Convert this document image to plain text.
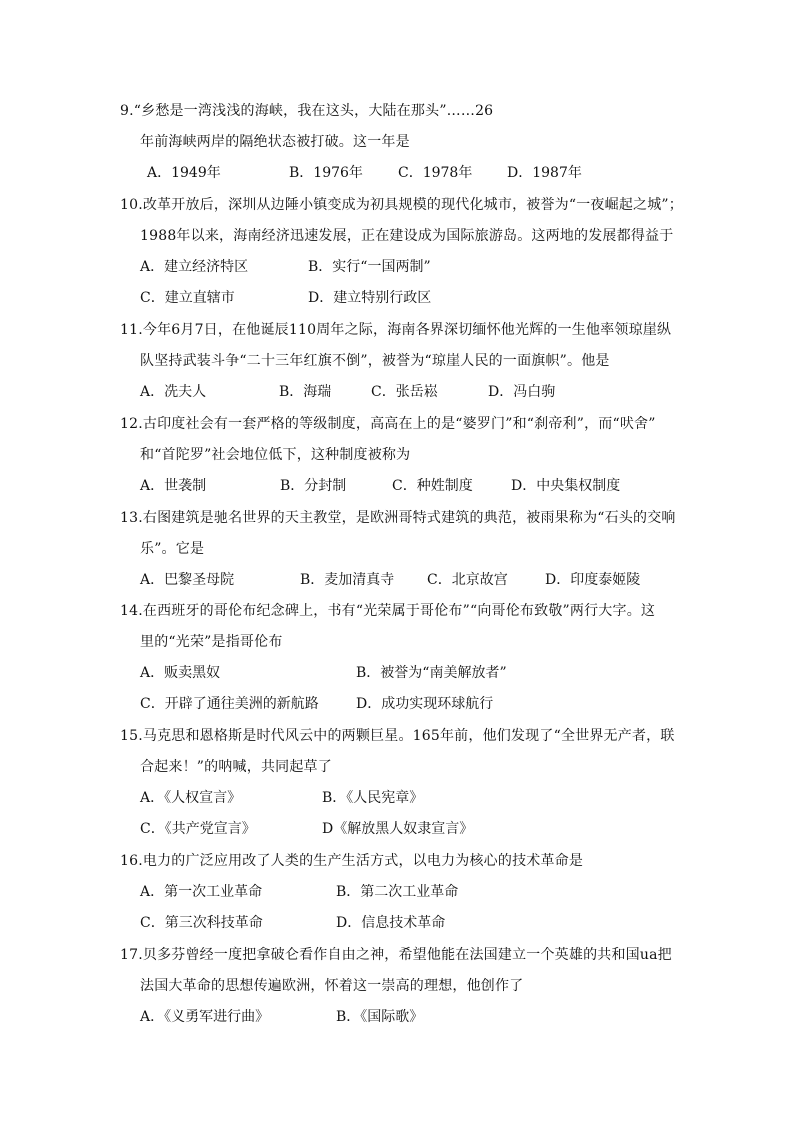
9.“乡愁是一湾浅浅的海峡，我在这头，大陆在那头”……26
年前海峡两岸的隔绝状态被打破。这一年是
A．1949年	B．1976年	C．1978年 D．1987年
10.改革开放后，深圳从边陲小镇变成为初具规模的现代化城市，被誉为“一夜崛起之城”；
1988年以来，海南经济迅速发展，正在建设成为国际旅游岛。这两地的发展都得益于
A．建立经济特区	B．实行“一国两制”
C．建立直辖市	D．建立特别行政区
11.今年6月7日，在他诞辰110周年之际，海南各界深切缅怀他光辉的一生他率领琼崖纵
队坚持武装斗争“二十三年红旗不倒”，被誉为“琼崖人民的一面旗帜”。他是
A．冼夫人	B．海瑞	C．张岳崧	D．冯白驹
12.古印度社会有一套严格的等级制度，高高在上的是“婆罗门”和“刹帝利”，而“吠舍”
和“首陀罗”社会地位低下，这种制度被称为
A．世袭制	B．分封制	C．种姓制度	D．中央集权制度
13.右图建筑是驰名世界的天主教堂，是欧洲哥特式建筑的典范，被雨果称为“石头的交响
乐”。它是
A．巴黎圣母院	B．麦加清真寺 C．北京故宫	D．印度泰姬陵
14.在西班牙的哥伦布纪念碑上，书有“光荣属于哥伦布”“向哥伦布致敬”两行大字。这
里的“光荣”是指哥伦布
A．贩卖黑奴	B．被誉为“南美解放者”
C．开辟了通往美洲的新航路	D．成功实现环球航行
15.马克思和恩格斯是时代风云中的两颗巨星。165年前，他们发现了“全世界无产者，联
合起来！”的呐喊，共同起草了
A．《人权宣言》	B．《人民宪章》
C．《共产党宣言》	D《解放黑人奴隶宣言》
16.电力的广泛应用改了人类的生产生活方式，以电力为核心的技术革命是
A．第一次工业革命	B．第二次工业革命
C．第三次科技革命	D．信息技术革命
17.贝多芬曾经一度把拿破仑看作自由之神，希望他能在法国建立一个英雄的共和国ua把
法国大革命的思想传遍欧洲，怀着这一崇高的理想，他创作了
A．《义勇军进行曲》	B．《国际歌》
